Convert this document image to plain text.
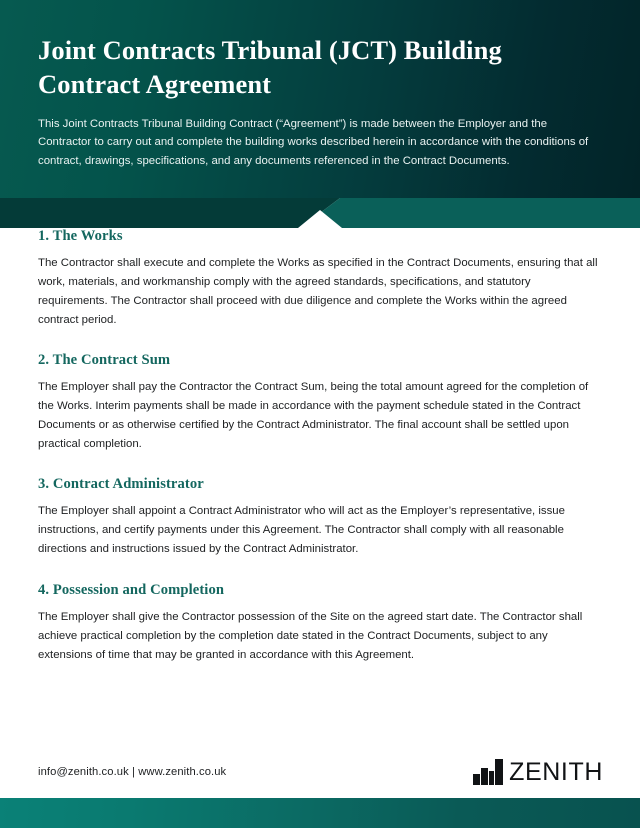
Joint Contracts Tribunal (JCT) Building Contract Agreement

This Joint Contracts Tribunal Building Contract (“Agreement”) is made between the Employer and the Contractor to carry out and complete the building works described herein in accordance with the conditions of contract, drawings, specifications, and any documents referenced in the Contract Documents.

1. The Works

The Contractor shall execute and complete the Works as specified in the Contract Documents, ensuring that all work, materials, and workmanship comply with the agreed standards, specifications, and statutory requirements. The Contractor shall proceed with due diligence and complete the Works within the agreed contract period.

2. The Contract Sum

The Employer shall pay the Contractor the Contract Sum, being the total amount agreed for the completion of the Works. Interim payments shall be made in accordance with the payment schedule stated in the Contract Documents or as otherwise certified by the Contract Administrator. The final account shall be settled upon practical completion.

3. Contract Administrator

The Employer shall appoint a Contract Administrator who will act as the Employer’s representative, issue instructions, and certify payments under this Agreement. The Contractor shall comply with all reasonable directions and instructions issued by the Contract Administrator.

4. Possession and Completion

The Employer shall give the Contractor possession of the Site on the agreed start date. The Contractor shall achieve practical completion by the completion date stated in the Contract Documents, subject to any extensions of time that may be granted in accordance with this Agreement.

info@zenith.co.uk | www.zenith.co.uk	ZENITH
